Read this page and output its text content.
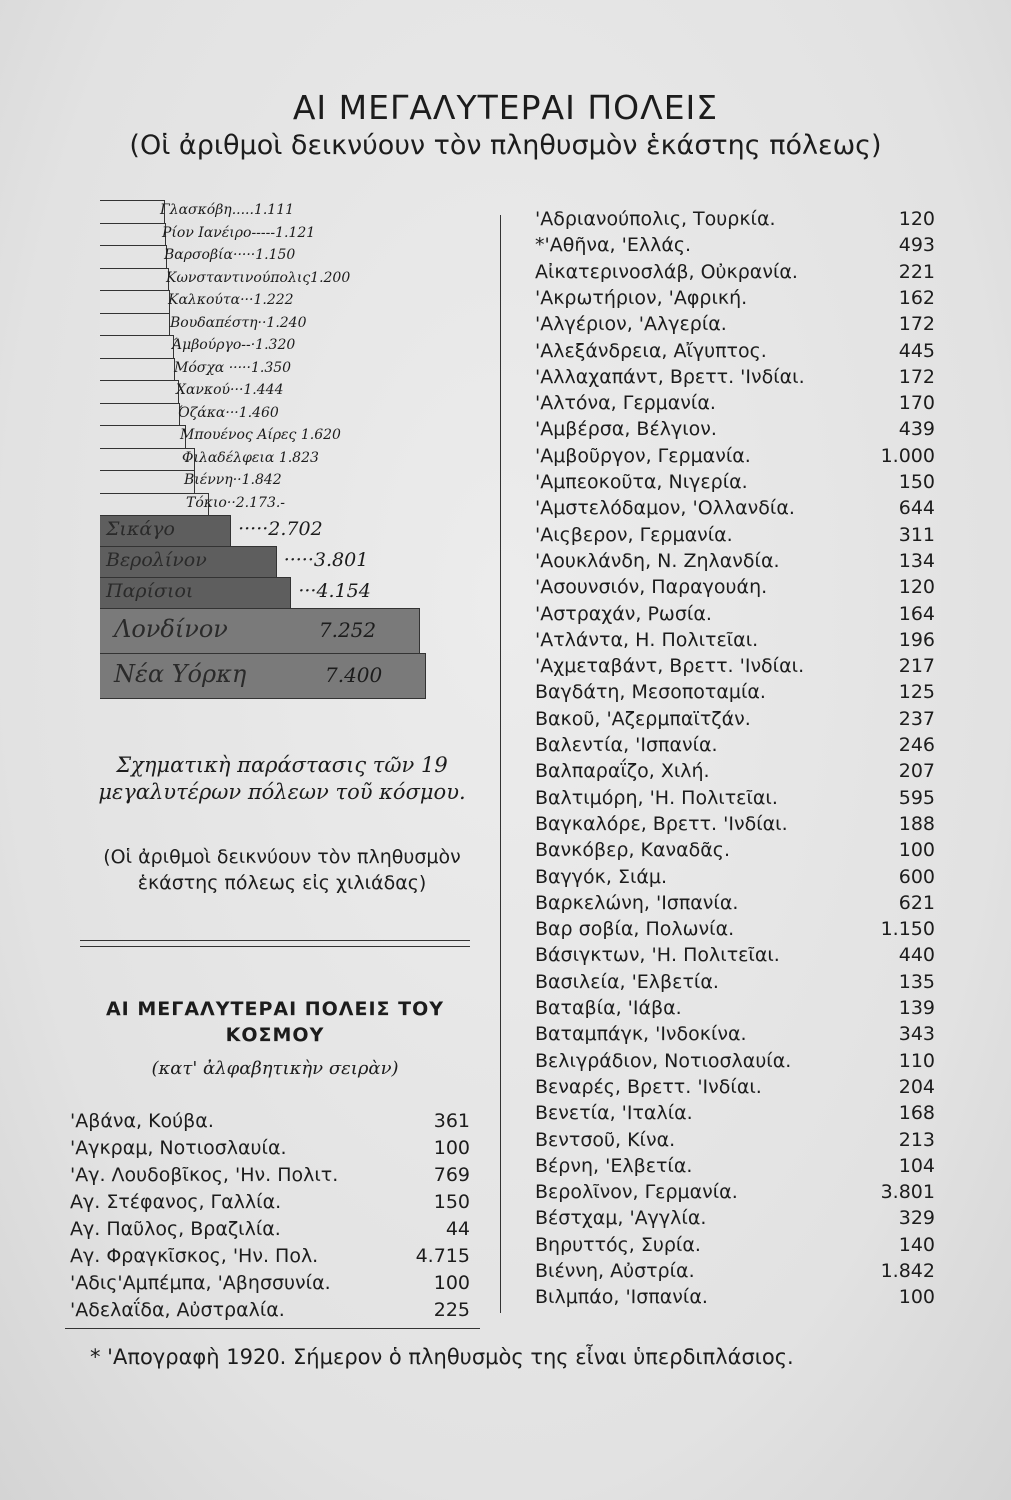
ΑΙ ΜΕΓΑΛΥΤΕΡΑΙ ΠΟΛΕΙΣ
(Οἱ ἀριθμοὶ δεικνύουν τὸν πληθυσμὸν ἑκάστης πόλεως)
Γλασκόβη.....1.111
Ρίον Ιανέιρο-----1.121
Βαρσοβία·····1.150
Κωνσταντινούπολις1.200
Καλκούτα···1.222
Βουδαπέστη··1.240
Άμβούργο--·1.320
Μόσχα ·····1.350
Χανκού···1.444
Όζάκα···1.460
Μπουένος Αίρες 1.620
Φιλαδέλφεια 1.823
Βιέννη··1.842
Τόκιο··2.173.-
Σικάγο	·····2.702
Βερολίνον	·····3.801
Παρίσιοι	···4.154
Λονδίνον	7.252
Νέα Υόρκη	7.400
Σχηματικὴ παράστασις τῶν 19 μεγαλυτέρων πόλεων τοῦ κόσμου.
(Οἱ ἀριθμοὶ δεικνύουν τὸν πληθυσμὸν ἑκάστης πόλεως εἰς χιλιάδας)
ΑΙ ΜΕΓΑΛΥΤΕΡΑΙ ΠΟΛΕΙΣ ΤΟΥ ΚΟΣΜΟΥ
(κατ' ἀλφαβητικὴν σειρὰν)
'Αβάνα, Κούβα.	361
'Αγκραμ, Νοτιοσλαυία.	100
'Αγ. Λουδοβῖκος, 'Ην. Πολιτ.	769
Αγ. Στέφανος, Γαλλία.	150
Αγ. Παῦλος, Βραζιλία.	44
Αγ. Φραγκῖσκος, 'Ην. Πολ.	4.715
'Αδις'Αμπέμπα, 'Αβησσυνία.	100
'Αδελαΐδα, Αὐστραλία.	225
'Αδριανούπολις, Τουρκία.	120
*'Αθῆνα, 'Ελλάς.	493
Αἰκατερινοσλάβ, Οὐκρανία.	221
'Ακρωτήριον, 'Αφρική.	162
'Αλγέριον, 'Αλγερία.	172
'Αλεξάνδρεια, Αἴγυπτος.	445
'Αλλαχαπάντ, Βρεττ. 'Ινδίαι.	172
'Αλτόνα, Γερμανία.	170
'Αμβέρσα, Βέλγιον.	439
'Αμβοῦργον, Γερμανία.	1.000
'Αμπεοκοῦτα, Νιγερία.	150
'Αμστελόδαμον, 'Ολλανδία.	644
'Αιςβερον, Γερμανία.	311
'Αουκλάνδη, Ν. Ζηλανδία.	134
'Ασουνσιόν, Παραγουάη.	120
'Αστραχάν, Ρωσία.	164
'Ατλάντα, Η. Πολιτεῖαι.	196
'Αχμεταβάντ, Βρεττ. 'Ινδίαι.	217
Βαγδάτη, Μεσοποταμία.	125
Βακοῦ, 'Αζερμπαϊτζάν.	237
Βαλεντία, 'Ισπανία.	246
Βαλπαραΐζο, Χιλή.	207
Βαλτιμόρη, 'Η. Πολιτεῖαι.	595
Βαγκαλόρε, Βρεττ. 'Ινδίαι.	188
Βανκόβερ, Καναδᾶς.	100
Βαγγόκ, Σιάμ.	600
Βαρκελώνη, 'Ισπανία.	621
Βαρ σοβία, Πολωνία.	1.150
Βάσιγκτων, 'Η. Πολιτεῖαι.	440
Βασιλεία, 'Ελβετία.	135
Βαταβία, 'Ιάβα.	139
Βαταμπάγκ, 'Ινδοκίνα.	343
Βελιγράδιον, Νοτιοσλαυία.	110
Βεναρές, Βρεττ. 'Ινδίαι.	204
Βενετία, 'Ιταλία.	168
Βεντσοῦ, Κίνα.	213
Βέρνη, 'Ελβετία.	104
Βερολῖνον, Γερμανία.	3.801
Βέστχαμ, 'Αγγλία.	329
Βηρυττός, Συρία.	140
Βιέννη, Αὐστρία.	1.842
Βιλμπάο, 'Ισπανία.	100
* 'Απογραφὴ 1920. Σήμερον ὁ πληθυσμὸς της εἶναι ὑπερδιπλάσιος.
